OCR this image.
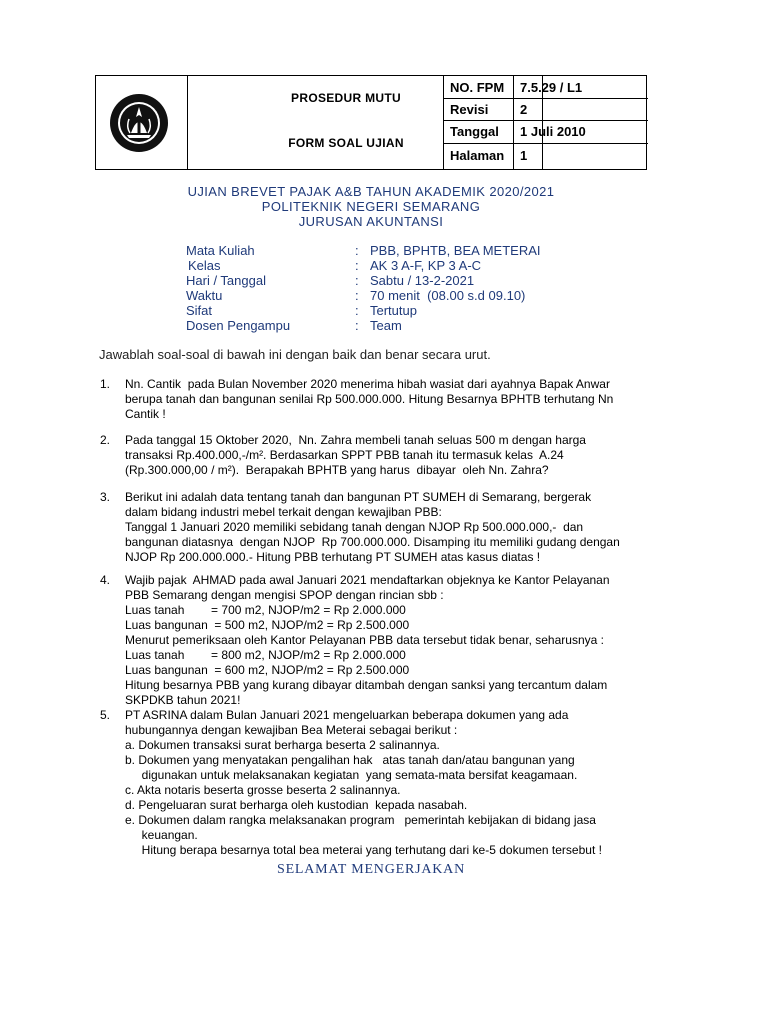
PROSEDUR MUTU
FORM SOAL UJIAN
NO. FPM 7.5.29 / L1
Revisi 2
Tanggal 1 Juli 2010
Halaman 1
UJIAN BREVET PAJAK A&B TAHUN AKADEMIK 2020/2021
POLITEKNIK NEGERI SEMARANG
JURUSAN AKUNTANSI
Mata Kuliah	: PBB, BPHTB, BEA METERAI
Kelas	: AK 3 A-F, KP 3 A-C
Hari / Tanggal	: Sabtu / 13-2-2021
Waktu	: 70 menit  (08.00 s.d 09.10)
Sifat	: Tertutup
Dosen Pengampu	: Team
Jawablah soal-soal di bawah ini dengan baik dan benar secara urut.
1. Nn. Cantik  pada Bulan November 2020 menerima hibah wasiat dari ayahnya Bapak Anwar
berupa tanah dan bangunan senilai Rp 500.000.000. Hitung Besarnya BPHTB terhutang Nn
Cantik !
2. Pada tanggal 15 Oktober 2020,  Nn. Zahra membeli tanah seluas 500 m dengan harga
transaksi Rp.400.000,-/m². Berdasarkan SPPT PBB tanah itu termasuk kelas  A.24
(Rp.300.000,00 / m²).  Berapakah BPHTB yang harus  dibayar  oleh Nn. Zahra?
3. Berikut ini adalah data tentang tanah dan bangunan PT SUMEH di Semarang, bergerak
dalam bidang industri mebel terkait dengan kewajiban PBB:
Tanggal 1 Januari 2020 memiliki sebidang tanah dengan NJOP Rp 500.000.000,-  dan
bangunan diatasnya  dengan NJOP  Rp 700.000.000. Disamping itu memiliki gudang dengan
NJOP Rp 200.000.000.- Hitung PBB terhutang PT SUMEH atas kasus diatas !
4. Wajib pajak  AHMAD pada awal Januari 2021 mendaftarkan objeknya ke Kantor Pelayanan
PBB Semarang dengan mengisi SPOP dengan rincian sbb :
Luas tanah        = 700 m2, NJOP/m2 = Rp 2.000.000
Luas bangunan  = 500 m2, NJOP/m2 = Rp 2.500.000
Menurut pemeriksaan oleh Kantor Pelayanan PBB data tersebut tidak benar, seharusnya :
Luas tanah        = 800 m2, NJOP/m2 = Rp 2.000.000
Luas bangunan  = 600 m2, NJOP/m2 = Rp 2.500.000
Hitung besarnya PBB yang kurang dibayar ditambah dengan sanksi yang tercantum dalam
SKPDKB tahun 2021!
5. PT ASRINA dalam Bulan Januari 2021 mengeluarkan beberapa dokumen yang ada
hubungannya dengan kewajiban Bea Meterai sebagai berikut :
a. Dokumen transaksi surat berharga beserta 2 salinannya.
b. Dokumen yang menyatakan pengalihan hak   atas tanah dan/atau bangunan yang
digunakan untuk melaksanakan kegiatan  yang semata-mata bersifat keagamaan.
c. Akta notaris beserta grosse beserta 2 salinannya.
d. Pengeluaran surat berharga oleh kustodian  kepada nasabah.
e. Dokumen dalam rangka melaksanakan program   pemerintah kebijakan di bidang jasa
keuangan.
Hitung berapa besarnya total bea meterai yang terhutang dari ke-5 dokumen tersebut !
SELAMAT MENGERJAKAN
